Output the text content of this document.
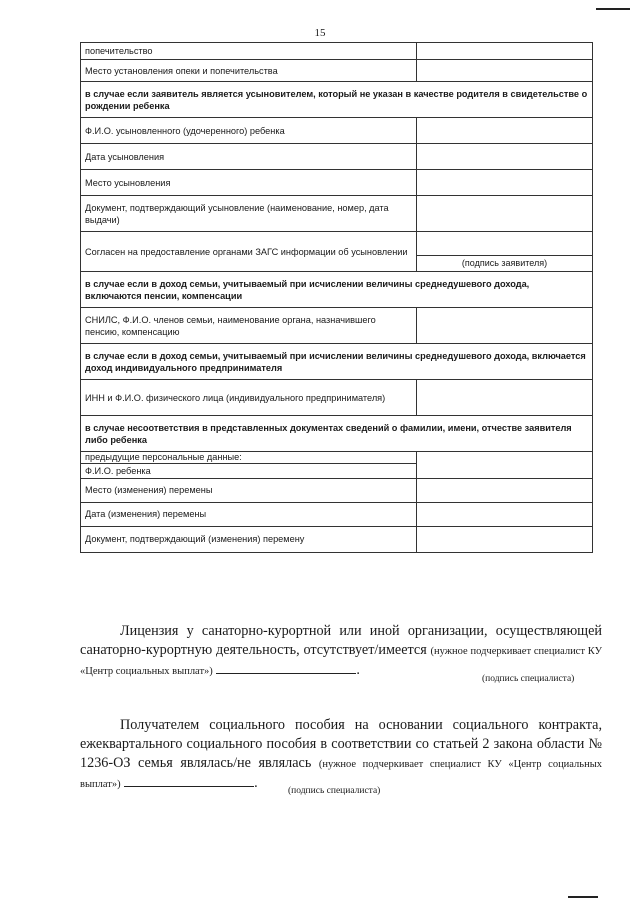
15
попечительство	
Место установления опеки и попечительства	
в случае если заявитель является усыновителем, который не указан в качестве родителя в свидетельстве о рождении ребенка	
Ф.И.О. усыновленного (удочеренного) ребенка	
Дата усыновления	
Место усыновления	
Документ, подтверждающий усыновление (наименование, номер, дата выдачи)	
Согласен на предоставление органами ЗАГС информации об усыновлении	(подпись заявителя)

в случае если в доход семьи, учитываемый при исчислении величины среднедушевого дохода, включаются пенсии, компенсации	
СНИЛС, Ф.И.О. членов семьи, наименование органа, назначившего пенсию, компенсацию	
в случае если в доход семьи, учитываемый при исчислении величины среднедушевого дохода, включается доход индивидуального предпринимателя	
ИНН и Ф.И.О. физического лица (индивидуального предпринимателя)	
в случае несоответствия в представленных документах сведений о фамилии, имени, отчестве заявителя либо ребенка	

предыдущие персональные данные:
Ф.И.О. ребенка	

Место (изменения) перемены	
Дата (изменения) перемены	
Документ, подтверждающий (изменения) перемену	
Лицензия у санаторно-курортной или иной организации, осуществляющей санаторно-курортную деятельность, отсутствует/имеется (нужное подчеркивает специалист КУ «Центр социальных выплат»)	.
(подпись специалиста)
Получателем социального пособия на основании социального контракта, ежеквартального социального пособия в соответствии со статьей 2 закона области № 1236-ОЗ семья являлась/не являлась (нужное подчеркивает специалист КУ «Центр социальных выплат»)	.	(подпись специалиста)
